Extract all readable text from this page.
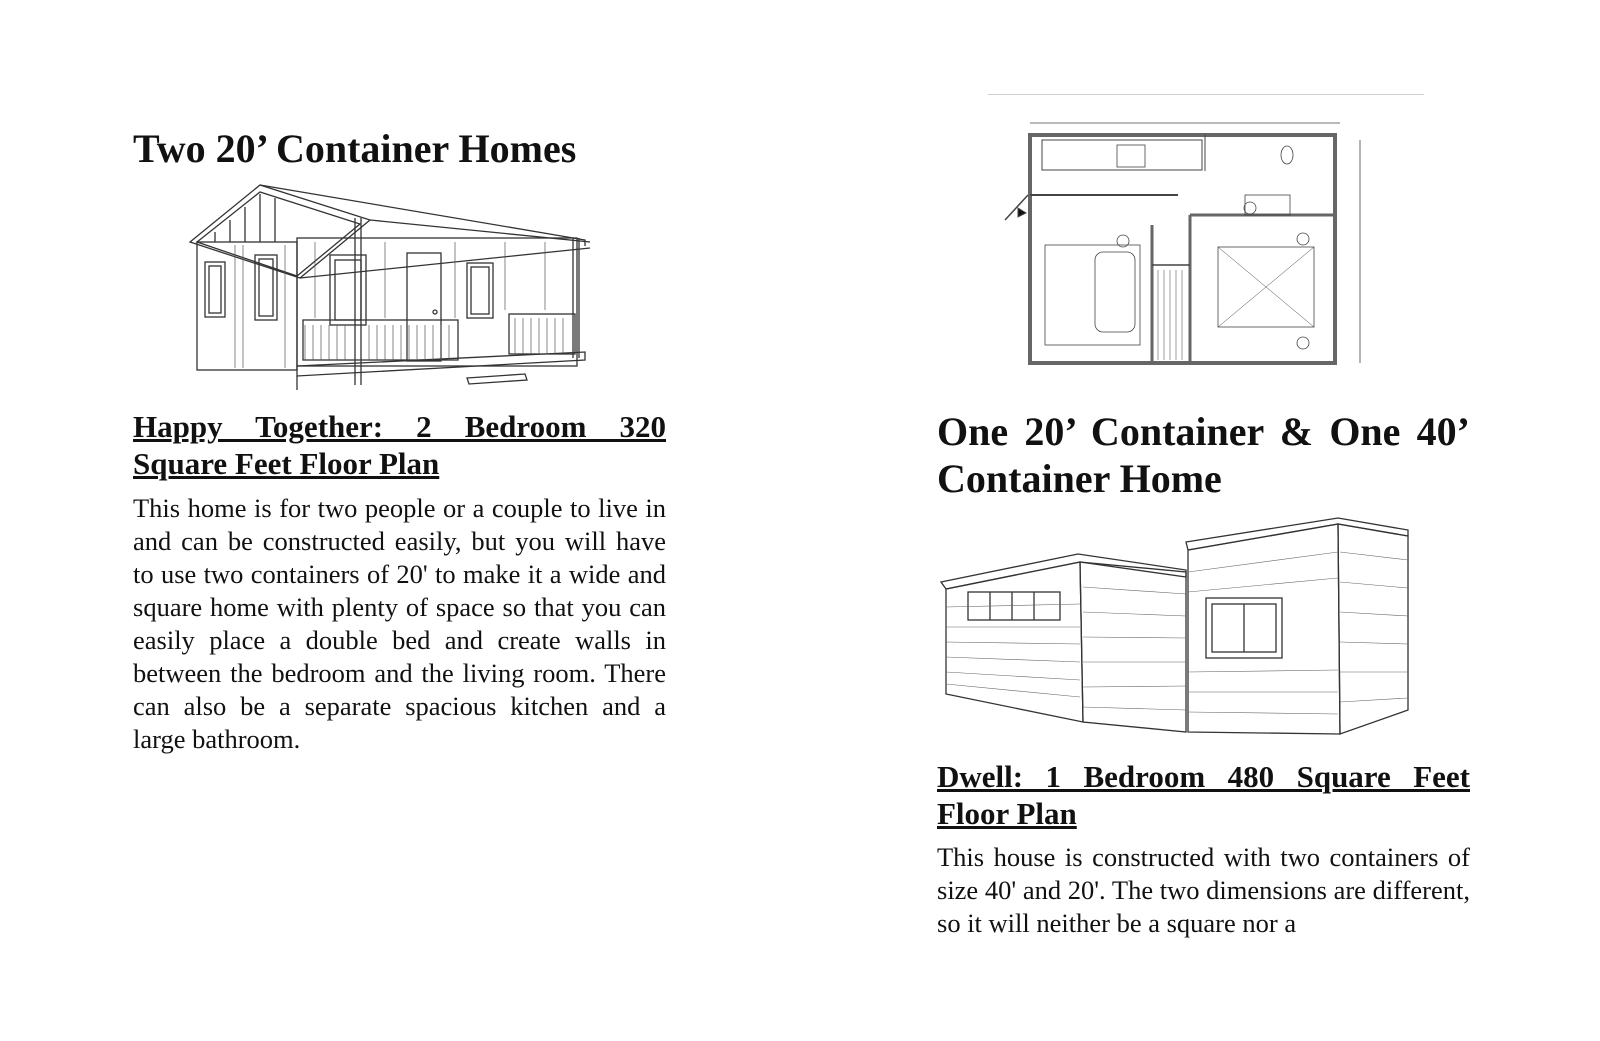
Two 20’ Container Homes
Happy Together: 2 Bedroom 320 Square Feet Floor Plan

This home is for two people or a couple to live in and can be constructed easily, but you will have to use two containers of 20' to make it a wide and square home with plenty of space so that you can easily place a double bed and create walls in between the bedroom and the living room. There can also be a separate spacious kitchen and a large bathroom.

One 20’ Container & One 40’ Container Home
Dwell: 1 Bedroom 480 Square Feet Floor Plan

This house is constructed with two containers of size 40' and 20'. The two dimensions are different, so it will neither be a square nor a
